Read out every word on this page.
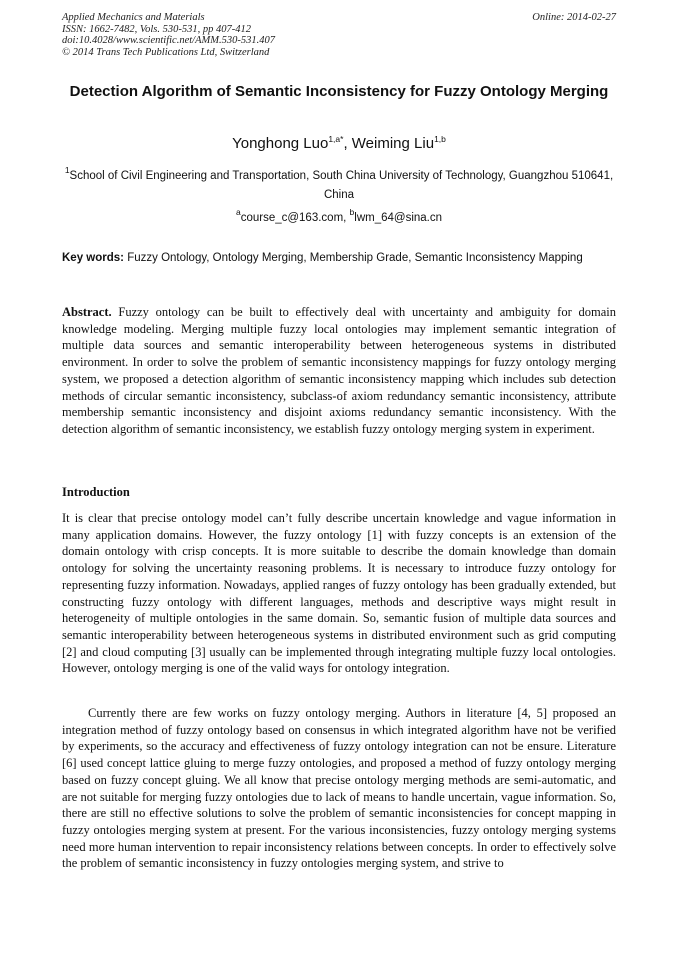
Applied Mechanics and Materials
ISSN: 1662-7482, Vols. 530-531, pp 407-412
doi:10.4028/www.scientific.net/AMM.530-531.407
© 2014 Trans Tech Publications Ltd, Switzerland
Online: 2014-02-27
Detection Algorithm of Semantic Inconsistency for Fuzzy Ontology Merging
Yonghong Luo$^{1,a*}$, Weiming Liu$^{1,b}$
$^1$School of Civil Engineering and Transportation, South China University of Technology, Guangzhou 510641, China
$^a$course_c@163.com, $^b$lwm_64@sina.cn
Key words: Fuzzy Ontology, Ontology Merging, Membership Grade, Semantic Inconsistency Mapping
Abstract. Fuzzy ontology can be built to effectively deal with uncertainty and ambiguity for domain knowledge modeling. Merging multiple fuzzy local ontologies may implement semantic integration of multiple data sources and semantic interoperability between heterogeneous systems in distributed environment. In order to solve the problem of semantic inconsistency mappings for fuzzy ontology merging system, we proposed a detection algorithm of semantic inconsistency mapping which includes sub detection methods of circular semantic inconsistency, subclass-of axiom redundancy semantic inconsistency, attribute membership semantic inconsistency and disjoint axioms redundancy semantic inconsistency. With the detection algorithm of semantic inconsistency, we establish fuzzy ontology merging system in experiment.
Introduction

It is clear that precise ontology model can’t fully describe uncertain knowledge and vague information in many application domains. However, the fuzzy ontology [1] with fuzzy concepts is an extension of the domain ontology with crisp concepts. It is more suitable to describe the domain knowledge than domain ontology for solving the uncertainty reasoning problems. It is necessary to introduce fuzzy ontology for representing fuzzy information. Nowadays, applied ranges of fuzzy ontology has been gradually extended, but constructing fuzzy ontology with different languages, methods and descriptive ways might result in heterogeneity of multiple ontologies in the same domain. So, semantic fusion of multiple data sources and semantic interoperability between heterogeneous systems in distributed environment such as grid computing [2] and cloud computing [3] usually can be implemented through integrating multiple fuzzy local ontologies. However, ontology merging is one of the valid ways for ontology integration.

Currently there are few works on fuzzy ontology merging. Authors in literature [4, 5] proposed an integration method of fuzzy ontology based on consensus in which integrated algorithm have not be verified by experiments, so the accuracy and effectiveness of fuzzy ontology integration can not be ensure. Literature [6] used concept lattice gluing to merge fuzzy ontologies, and proposed a method of fuzzy ontology merging based on fuzzy concept gluing. We all know that precise ontology merging methods are semi-automatic, and are not suitable for merging fuzzy ontologies due to lack of means to handle uncertain, vague information. So, there are still no effective solutions to solve the problem of semantic inconsistencies for concept mapping in fuzzy ontologies merging system at present. For the various inconsistencies, fuzzy ontology merging systems need more human intervention to repair inconsistency relations between concepts. In order to effectively solve the problem of semantic inconsistency in fuzzy ontologies merging system, and strive to
